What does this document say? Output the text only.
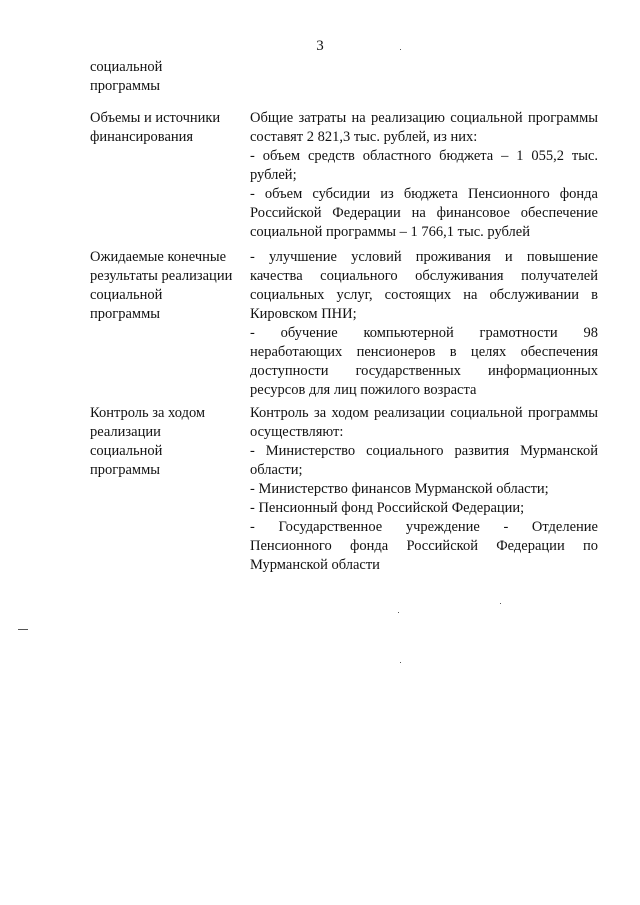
3
социальной
программы
Объемы и источники
финансирования

Общие затраты на реализацию социальной программы составят 2 821,3 тыс. рублей, из них:

- объем средств областного бюджета – 1 055,2 тыс. рублей;

- объем субсидии из бюджета Пенсионного фонда Российской Федерации на финансовое обеспечение социальной программы – 1 766,1 тыс. рублей

Ожидаемые конечные
результаты реализации
социальной
программы

- улучшение условий проживания и повышение качества социального обслуживания получателей социальных услуг, состоящих на обслуживании в Кировском ПНИ;

- обучение компьютерной грамотности 98 неработающих пенсионеров в целях обеспечения доступности государственных информационных ресурсов для лиц пожилого возраста

Контроль за ходом
реализации
социальной
программы

Контроль за ходом реализации социальной программы осуществляют:

- Министерство социального развития Мурманской области;

- Министерство финансов Мурманской области;

- Пенсионный фонд Российской Федерации;

- Государственное учреждение - Отделение Пенсионного фонда Российской Федерации по Мурманской области
